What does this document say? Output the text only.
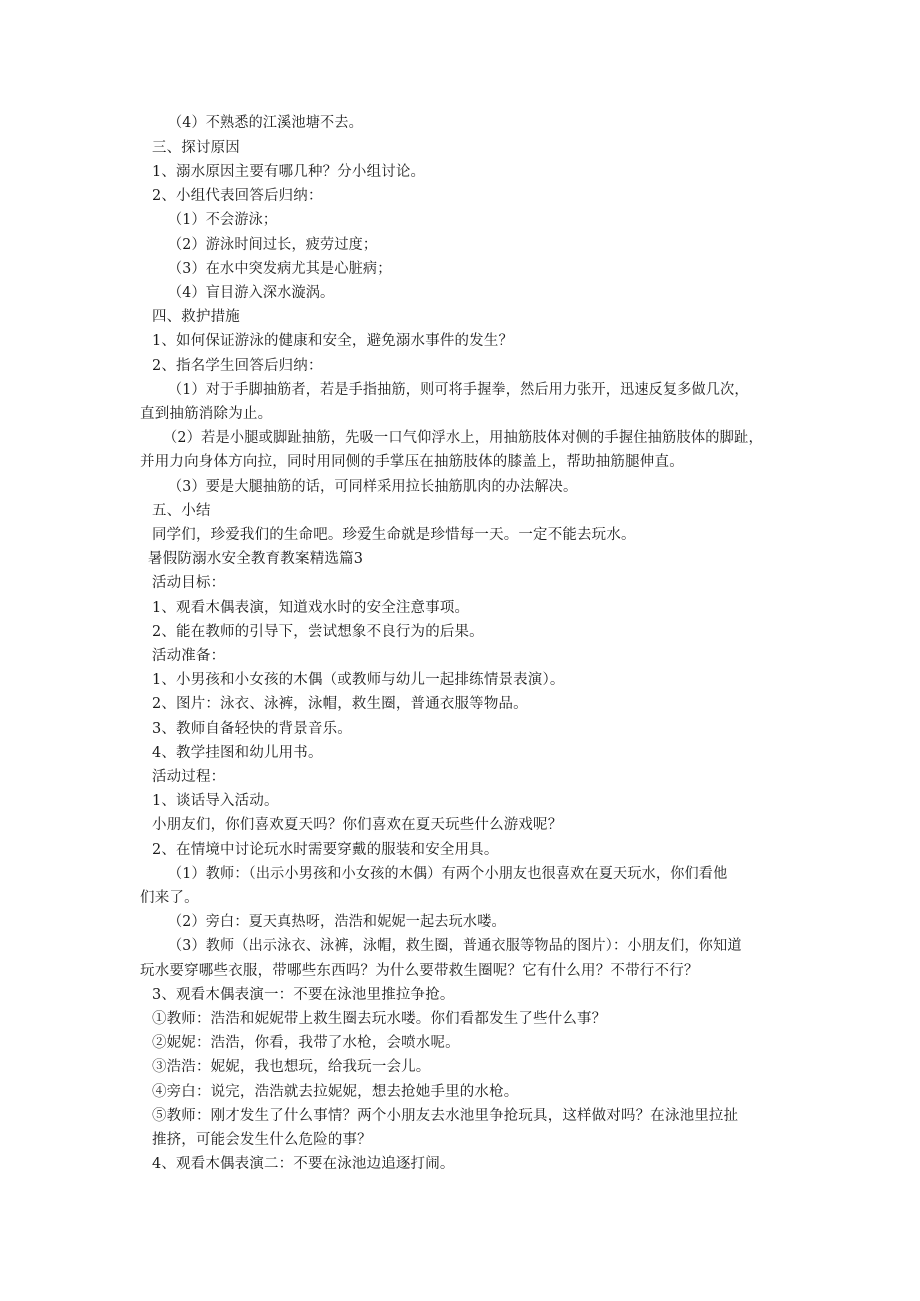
（4）不熟悉的江溪池塘不去。
三、探讨原因
1、溺水原因主要有哪几种？分小组讨论。
2、小组代表回答后归纳：
（1）不会游泳；
（2）游泳时间过长，疲劳过度；
（3）在水中突发病尤其是心脏病；
（4）盲目游入深水漩涡。
四、救护措施
1、如何保证游泳的健康和安全，避免溺水事件的发生？
2、指名学生回答后归纳：
（1）对于手脚抽筋者，若是手指抽筋，则可将手握拳，然后用力张开，迅速反复多做几次，
直到抽筋消除为止。
（2）若是小腿或脚趾抽筋，先吸一口气仰浮水上，用抽筋肢体对侧的手握住抽筋肢体的脚趾，
并用力向身体方向拉，同时用同侧的手掌压在抽筋肢体的膝盖上，帮助抽筋腿伸直。
（3）要是大腿抽筋的话，可同样采用拉长抽筋肌肉的办法解决。
五、小结
同学们，珍爱我们的生命吧。珍爱生命就是珍惜每一天。一定不能去玩水。
暑假防溺水安全教育教案精选篇3
活动目标：
1、观看木偶表演，知道戏水时的安全注意事项。
2、能在教师的引导下，尝试想象不良行为的后果。
活动准备：
1、小男孩和小女孩的木偶（或教师与幼儿一起排练情景表演）。
2、图片：泳衣、泳裤，泳帽，救生圈，普通衣服等物品。
3、教师自备轻快的背景音乐。
4、教学挂图和幼儿用书。
活动过程：
1、谈话导入活动。
小朋友们，你们喜欢夏天吗？你们喜欢在夏天玩些什么游戏呢？
2、在情境中讨论玩水时需要穿戴的服装和安全用具。
（1）教师：（出示小男孩和小女孩的木偶）有两个小朋友也很喜欢在夏天玩水，你们看他
们来了。
（2）旁白：夏天真热呀，浩浩和妮妮一起去玩水喽。
（3）教师（出示泳衣、泳裤，泳帽，救生圈，普通衣服等物品的图片）：小朋友们，你知道
玩水要穿哪些衣服，带哪些东西吗？为什么要带救生圈呢？它有什么用？不带行不行？
3、观看木偶表演一：不要在泳池里推拉争抢。
①教师：浩浩和妮妮带上救生圈去玩水喽。你们看都发生了些什么事？
②妮妮：浩浩，你看，我带了水枪，会喷水呢。
③浩浩：妮妮，我也想玩，给我玩一会儿。
④旁白：说完，浩浩就去拉妮妮，想去抢她手里的水枪。
⑤教师：刚才发生了什么事情？两个小朋友去水池里争抢玩具，这样做对吗？在泳池里拉扯
推挤，可能会发生什么危险的事？
4、观看木偶表演二：不要在泳池边追逐打闹。
